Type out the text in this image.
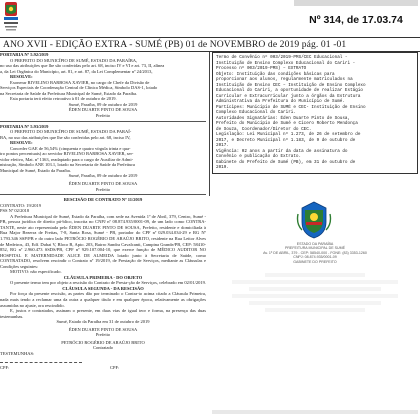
Nº 314, de 17.03.74
ANO XVII - EDIÇÃO EXTRA - SUMÉ (PB) 01 de NOVEMBRO de 2019 pág. 01 -01

PORTARIA Nº 5.92/2019

O PREFEITO DO MUNICÍPIO DE SUMÉ, ESTADO DA PARAÍBA,

no uso das atribuições que lhe são conferidas pelo art. 68, inciso IV e VI e art. 73, II, alínea

a, da Lei Orgânica do Município, art. 81, e art. 87, da Lei Complementar nº 24/2013,

RESOLVE:

Exonerar RIVELINO BARBOSA XAVIER, no cargo de Chefe da Divisão de

Serviços Especiais de Coordenação Central de Clínica Médica, Símbolo DAS-1, lotado

na Secretaria de Saúde da Prefeitura Municipal de Sumé, Estado da Paraíba.

Esta portaria terá efeito retroativo à 01 de outubro de 2019.

Sumé, Paraíba, 09 de outubro de 2019

ÉDEN DUARTE PINTO DE SOUSA

Prefeito

PORTARIA Nº 5.93/2019

O PREFEITO DO MUNICÍPIO DE SUMÉ, ESTADO DA PARAÍ-

BA, no uso das atribuições que lhe são conferidas pelo art. 68, inciso IV,

RESOLVE:

Conceder GAE de 56,54% (cinquenta e quatro vírgula trinta e qua-

tro pontos percentuais) ao servidor RIVELINO BARBOSA XAVIER, ser-

vidor efetivo, Mat. nº 1363, readaptado para o cargo de Auxiliar de Admi-

nistração, Símbolo ANE 103.1, lotado na Secretaria de Saúde da Prefeitura

Municipal de Sumé, Estado da Paraíba.

Sumé, Paraíba, 09 de outubro de 2019

ÉDEN DUARTE PINTO DE SOUSA

Prefeito

RESCISÃO DE CONTRATO Nº 11/2019

CONTRATO: 19/2019

PSS Nº 02/2018

A Prefeitura Municipal de Sumé, Estado da Paraíba, com sede na Avenida 1º de Abril, 379, Centro, Sumé - PB, pessoa jurídica de direito pú-blico, inscrita no CNPJ nº 08.874.935/0001-09, de um lado como CONTRA-TANTE, neste ato representada pelo ÉDEN DUARTE PINTO DE SOUSA, Prefeito, residente e domiciliada à Rua Major Bezerra de Freitas, 7-8, Santa Rosa, Sumé - PB, portador do CPF nº 029.034.034-29 e RG Nº 1.793.346 SSP/PB e do outro lado PETRÓCIO ROGÉRIO DE ARAÚJO BRITO, residente na Rua Leitor Alves de Medeiros, 43, Edf. Dubai V, Bloco B, Apto. 203, Bairro Sandra Cavalcanti, Campina Grande/PB, CEP: 58410-852, RG nº 2.960.473 SSDS/PB, CPF nº 929.107.004-10, que exerce função de MÉDICO AUDITOR NO HOSPITAL E MATERNIDADE ALICE DE ALMEIDA lotado junto à Secretaria de Saúde, como CONTRATADO, resolvem rescindir o Contrato nº 19/2019, de Prestação de Serviços, mediante as Cláusulas e Condições seguintes:

MOTIVO: não especificado.

CLÁUSULA PRIMEIRA - DO OBJETO

O presente termo tem por objeto a rescisão do Contrato de Presta-ção de Serviços, celebrado em 02/01/2019.

CLÁUSULA SEGUNDA - DA RESCISÃO

Por força da presente rescisão, as partes dão por terminado o Contra-to acima citado a Cláusula Primeira, nada mais tendo a reclamar uma da outra a qualquer título e em qualquer época, relativamente as obrigações assumidas no ajuste, ora rescindido.

E, justos e contratados, assinam o presente, em duas vias de igual teor e forma, na presença das duas testemunhas.

Sumé, Estado da Paraíba em 31 de outubro de 2019

ÉDEN DUARTE PINTO DE SOUSA

Prefeito

PETRÓCIO ROGÉRIO DE ARAÚJO BRITO

Contratado

TESTEMUNHAS:

CPF:	CPF:

Termo de Convênio nº 003/2019-PMS/CEC Educacional -

Instituição de Ensino Complexo Educacional do Cariri -

Processo nº 003/2019-PMS) – EXTRATO

Objeto: Instituição das condições básicas para

proporcionar aos alunos, regularmente matriculados na

Instituição de Ensino CEC – Instituição de Ensino Complexo

Educacional do Cariri, a oportunidade de realizar Estágio

Curricular e Extracurricular junto a órgãos da Estrutura

Administrativa da Prefeitura do Município de Sumé.

Partícipes: Município de SUMÉ e CEC- Instituição de Ensino

Complexo Educacional do Cariri.

Autoridades Signatárias: Éden Duarte Pinto de Sousa,

Prefeito do Município de Sumé e Cícero Roberto Mendonça

de Souza, Coordenador/Diretor do CEC.

Legislação: Lei Municipal nº 1.273, de 26 de setembro de

2017, e Decreto Municipal nº 1.183, de 9 de outubro de

2017.

Vigência: 02 anos a partir da data de assinatura do

Convênio e publicação do Extrato.

Gabinete do Prefeito de Sumé (PB), em 31 de outubro de

2019.

ESTADO DA PARAÍBA
PREFEITURA MUNICIPAL DE SUMÉ
Av. 1º DE ABRIL, 379 - CEP: 58540-000 - FONE: (83) 3353-1260
CNPJ: 08.874.935/0001-09
GABINETE DO PREFEITO
